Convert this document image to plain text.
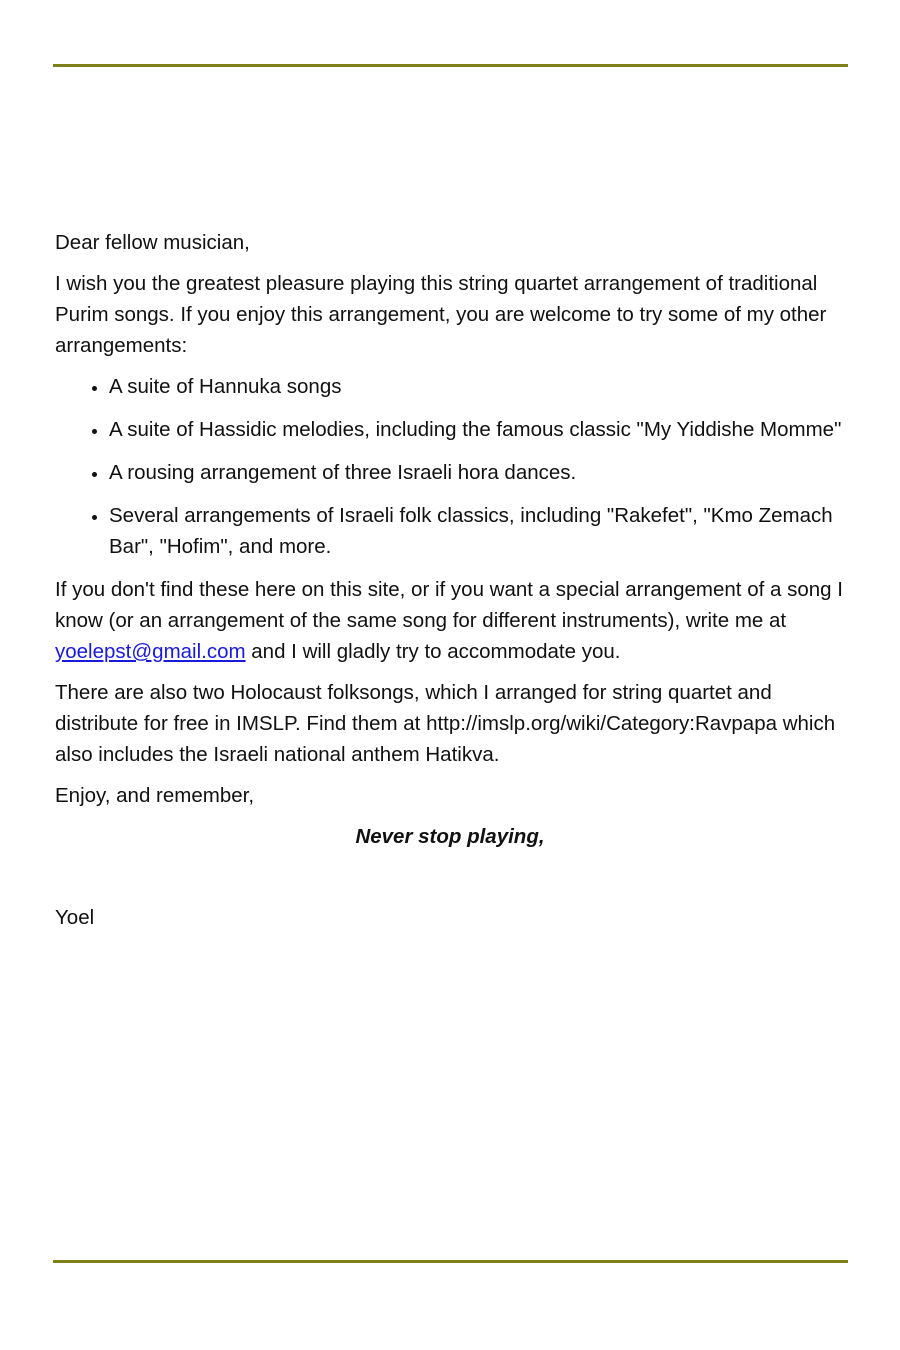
Dear fellow musician,

I wish you the greatest pleasure playing this string quartet arrangement of traditional Purim songs. If you enjoy this arrangement, you are welcome to try some of my other arrangements:

• A suite of Hannuka songs
• A suite of Hassidic melodies, including the famous classic "My Yiddishe Momme"
• A rousing arrangement of three Israeli hora dances.
• Several arrangements of Israeli folk classics, including "Rakefet", "Kmo Zemach Bar", "Hofim", and more.

If you don't find these here on this site, or if you want a special arrangement of a song I know (or an arrangement of the same song for different instruments), write me at yoelepst@gmail.com and I will gladly try to accommodate you.

There are also two Holocaust folksongs, which I arranged for string quartet and distribute for free in IMSLP. Find them at http://imslp.org/wiki/Category:Ravpapa which also includes the Israeli national anthem Hatikva.

Enjoy, and remember,

Never stop playing,

Yoel
